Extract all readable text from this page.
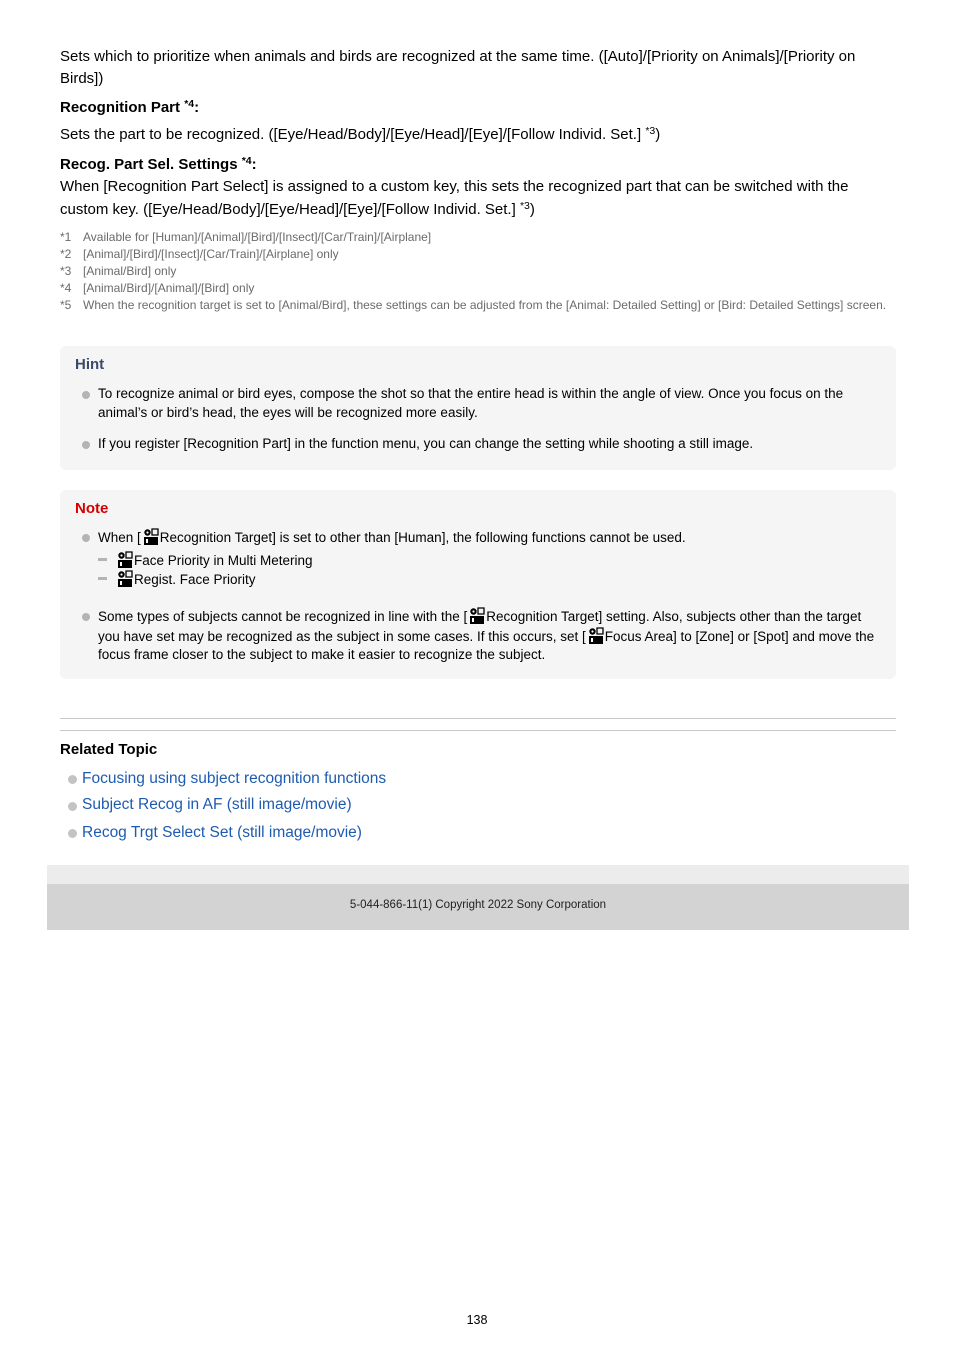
Sets which to prioritize when animals and birds are recognized at the same time. ([Auto]/[Priority on Animals]/[Priority on Birds])

Recognition Part $^{*4}$:

Sets the part to be recognized. ([Eye/Head/Body]/[Eye/Head]/[Eye]/[Follow Individ. Set.] $^{*3}$)

Recog. Part Sel. Settings $^{*4}$:

When [Recognition Part Select] is assigned to a custom key, this sets the recognized part that can be switched with the custom key. ([Eye/Head/Body]/[Eye/Head]/[Eye]/[Follow Individ. Set.] $^{*3}$)

*1 Available for [Human]/[Animal]/[Bird]/[Insect]/[Car/Train]/[Airplane]
*2 [Animal]/[Bird]/[Insect]/[Car/Train]/[Airplane] only
*3 [Animal/Bird] only
*4 [Animal/Bird]/[Animal]/[Bird] only
*5 When the recognition target is set to [Animal/Bird], these settings can be adjusted from the [Animal: Detailed Setting] or [Bird: Detailed Settings] screen.
Hint
To recognize animal or bird eyes, compose the shot so that the entire head is within the angle of view. Once you focus on the animal’s or bird’s head, the eyes will be recognized more easily.
If you register [Recognition Part] in the function menu, you can change the setting while shooting a still image.
Note
When [ Recognition Target] is set to other than [Human], the following functions cannot be used.
Face Priority in Multi Metering
Regist. Face Priority
Some types of subjects cannot be recognized in line with the [ Recognition Target] setting. Also, subjects other than the target you have set may be recognized as the subject in some cases. If this occurs, set [ Focus Area] to [Zone] or [Spot] and move the focus frame closer to the subject to make it easier to recognize the subject.
Related Topic
Focusing using subject recognition functions
Subject Recog in AF (still image/movie)
Recog Trgt Select Set (still image/movie)
5-044-866-11(1) Copyright 2022 Sony Corporation
138
